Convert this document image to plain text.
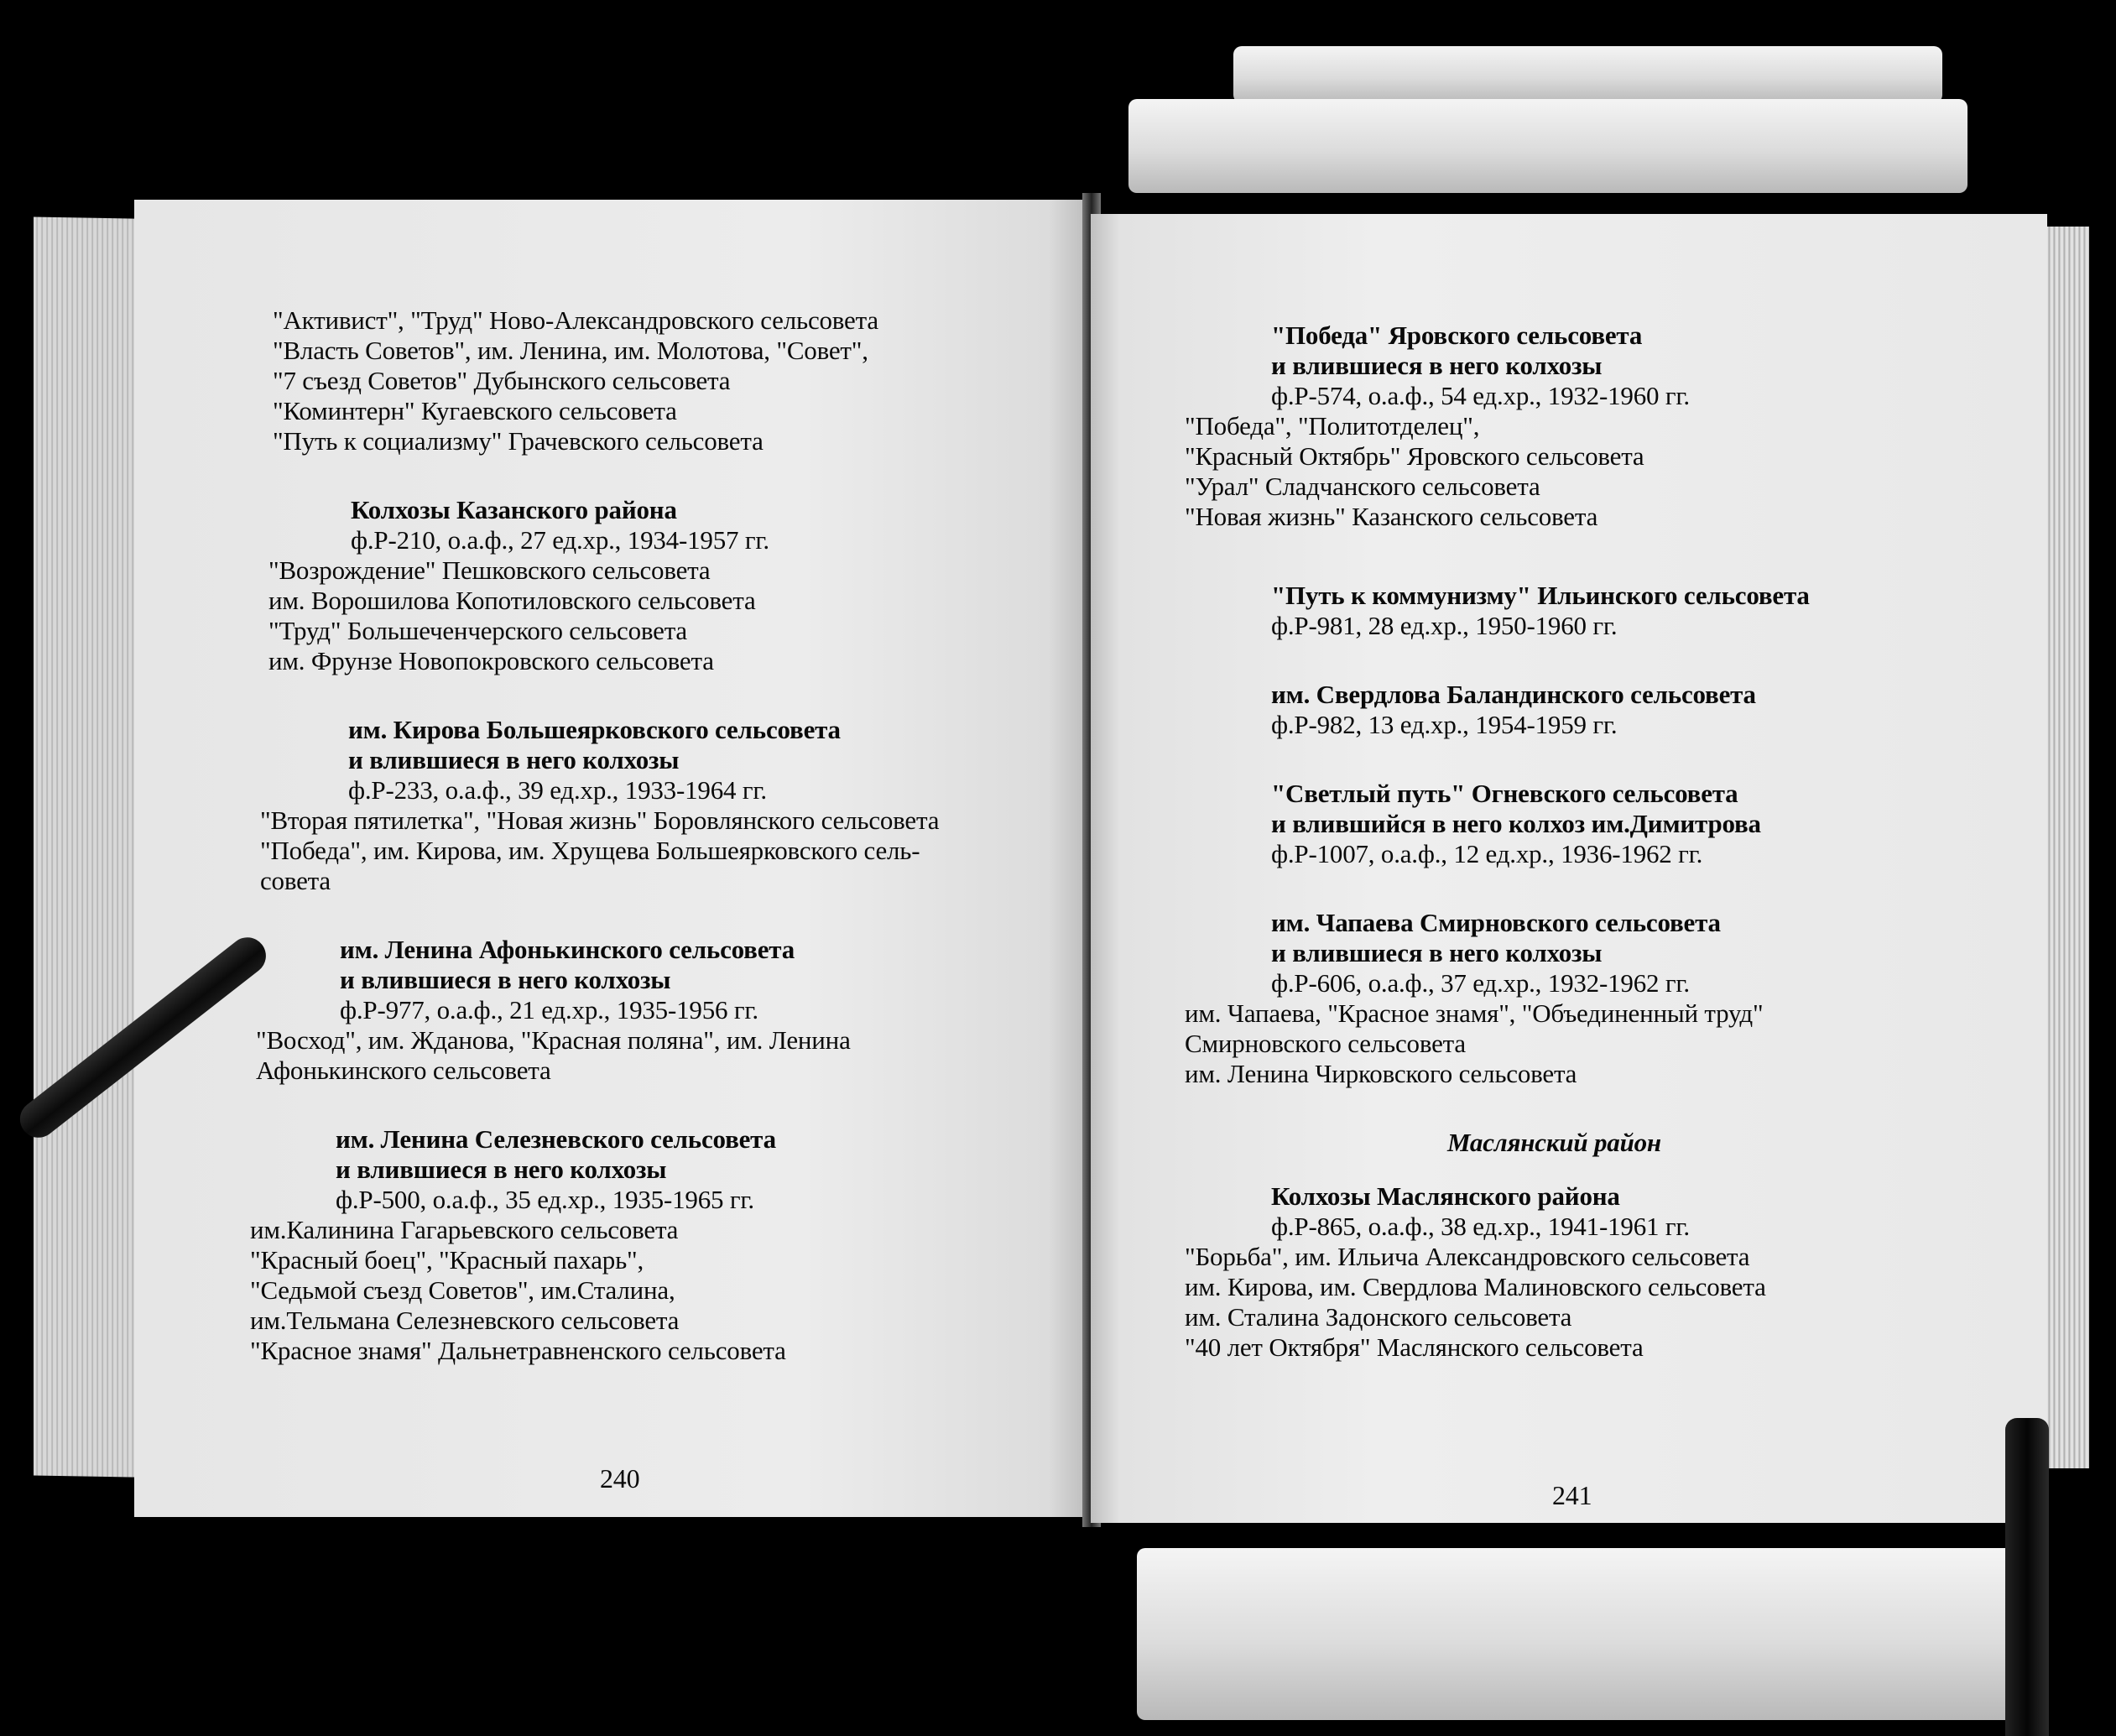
"Активист", "Труд" Ново-Александровского сельсовета
"Власть Советов", им. Ленина, им. Молотова, "Совет",
"7 съезд Советов" Дубынского сельсовета
"Коминтерн" Кугаевского сельсовета
"Путь к социализму" Грачевского сельсовета
Колхозы Казанского района
ф.Р-210, о.а.ф., 27 ед.хр., 1934-1957 гг.
"Возрождение" Пешковского сельсовета
им. Ворошилова Копотиловского сельсовета
"Труд" Большеченчерского сельсовета
им. Фрунзе Новопокровского сельсовета
им. Кирова Большеярковского сельсовета
и влившиеся в него колхозы
ф.Р-233, о.а.ф., 39 ед.хр., 1933-1964 гг.
"Вторая пятилетка", "Новая жизнь" Боровлянского сельсовета
"Победа", им. Кирова, им. Хрущева Большеярковского сель-
совета
им. Ленина Афонькинского сельсовета
и влившиеся в него колхозы
ф.Р-977, о.а.ф., 21 ед.хр., 1935-1956 гг.
"Восход", им. Жданова, "Красная поляна", им. Ленина
Афонькинского сельсовета
им. Ленина Селезневского сельсовета
и влившиеся в него колхозы
ф.Р-500, о.а.ф., 35 ед.хр., 1935-1965 гг.
им.Калинина Гагарьевского сельсовета
"Красный боец", "Красный пахарь",
"Седьмой съезд Советов", им.Сталина,
им.Тельмана Селезневского сельсовета
"Красное знамя" Дальнетравненского сельсовета
240
"Победа" Яровского сельсовета
и влившиеся в него колхозы
ф.Р-574, о.а.ф., 54 ед.хр., 1932-1960 гг.
"Победа", "Политотделец",
"Красный Октябрь" Яровского сельсовета
"Урал" Сладчанского сельсовета
"Новая жизнь" Казанского сельсовета
"Путь к коммунизму" Ильинского сельсовета
ф.Р-981, 28 ед.хр., 1950-1960 гг.
им. Свердлова Баландинского сельсовета
ф.Р-982, 13 ед.хр., 1954-1959 гг.
"Светлый путь" Огневского сельсовета
и влившийся в него колхоз им.Димитрова
ф.Р-1007, о.а.ф., 12 ед.хр., 1936-1962 гг.
им. Чапаева Смирновского сельсовета
и влившиеся в него колхозы
ф.Р-606, о.а.ф., 37 ед.хр., 1932-1962 гг.
им. Чапаева, "Красное знамя", "Объединенный труд"
Смирновского сельсовета
им. Ленина Чирковского сельсовета
Маслянский район
Колхозы Маслянского района
ф.Р-865, о.а.ф., 38 ед.хр., 1941-1961 гг.
"Борьба", им. Ильича Александровского сельсовета
им. Кирова, им. Свердлова Малиновского сельсовета
им. Сталина Задонского сельсовета
"40 лет Октября" Маслянского сельсовета
241
